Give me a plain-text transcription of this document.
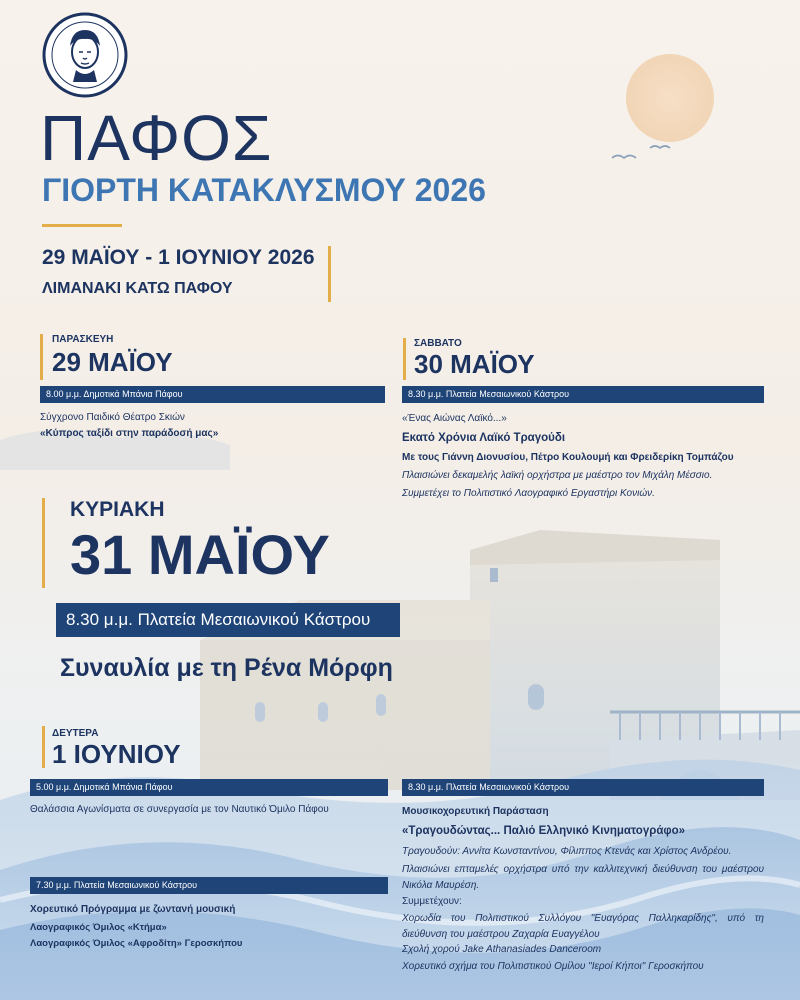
ΠΑΦΟΣ
ΓΙΟΡΤΗ ΚΑΤΑΚΛΥΣΜΟΥ 2026
29 ΜΑΪΟΥ - 1 ΙΟΥΝΙΟΥ 2026
ΛΙΜΑΝΑΚΙ ΚΑΤΩ ΠΑΦΟΥ
ΠΑΡΑΣΚΕΥΗ
29 ΜΑΪΟΥ
8.00 μ.μ. Δημοτικά Μπάνια Πάφου
Σύγχρονο Παιδικό Θέατρο Σκιών
«Κύπρος ταξίδι στην παράδοσή μας»
ΣΑΒΒΑΤΟ
30 ΜΑΪΟΥ
8.30 μ.μ. Πλατεία Μεσαιωνικού Κάστρου
«Ένας Αιώνας Λαϊκό...»
Εκατό Χρόνια Λαϊκό Τραγούδι
Με τους Γιάννη Διονυσίου, Πέτρο Κουλουμή και Φρειδερίκη Τομπάζου
Πλαισιώνει δεκαμελής λαϊκή ορχήστρα με μαέστρο τον Μιχάλη Μέσσιο.
Συμμετέχει το Πολιτιστικό Λαογραφικό Εργαστήρι Κονιών.
ΚΥΡΙΑΚΗ
31 ΜΑΪΟΥ
8.30 μ.μ. Πλατεία Μεσαιωνικού Κάστρου
Συναυλία με τη Ρένα Μόρφη
ΔΕΥΤΕΡΑ
1 ΙΟΥΝΙΟΥ
5.00 μ.μ. Δημοτικά Μπάνια Πάφου
Θαλάσσια Αγωνίσματα σε συνεργασία με τον Ναυτικό Όμιλο Πάφου
7.30 μ.μ. Πλατεία Μεσαιωνικού Κάστρου
Χορευτικό Πρόγραμμα με ζωντανή μουσική
Λαογραφικός Όμιλος «Κτήμα»
Λαογραφικός Όμιλος «Αφροδίτη» Γεροσκήπου
8.30 μ.μ. Πλατεία Μεσαιωνικού Κάστρου
Μουσικοχορευτική Παράσταση
«Τραγουδώντας... Παλιό Ελληνικό Κινηματογράφο»
Τραγουδούν: Αννίτα Κωνσταντίνου, Φίλιππος Κτενάς και Χρίστος Ανδρέου.
Πλαισιώνει επταμελές ορχήστρα υπό την καλλιτεχνική διεύθυνση του μαέστρου Νικόλα Μαυρέση.
Συμμετέχουν:
Χορωδία του Πολιτιστικού Συλλόγου "Ευαγόρας Παλληκαρίδης", υπό τη διεύθυνση του μαέστρου Ζαχαρία Ευαγγέλου
Σχολή χορού Jake Athanasiades Danceroom
Χορευτικό σχήμα του Πολιτιστικού Ομίλου "Ιεροί Κήποι" Γεροσκήπου
